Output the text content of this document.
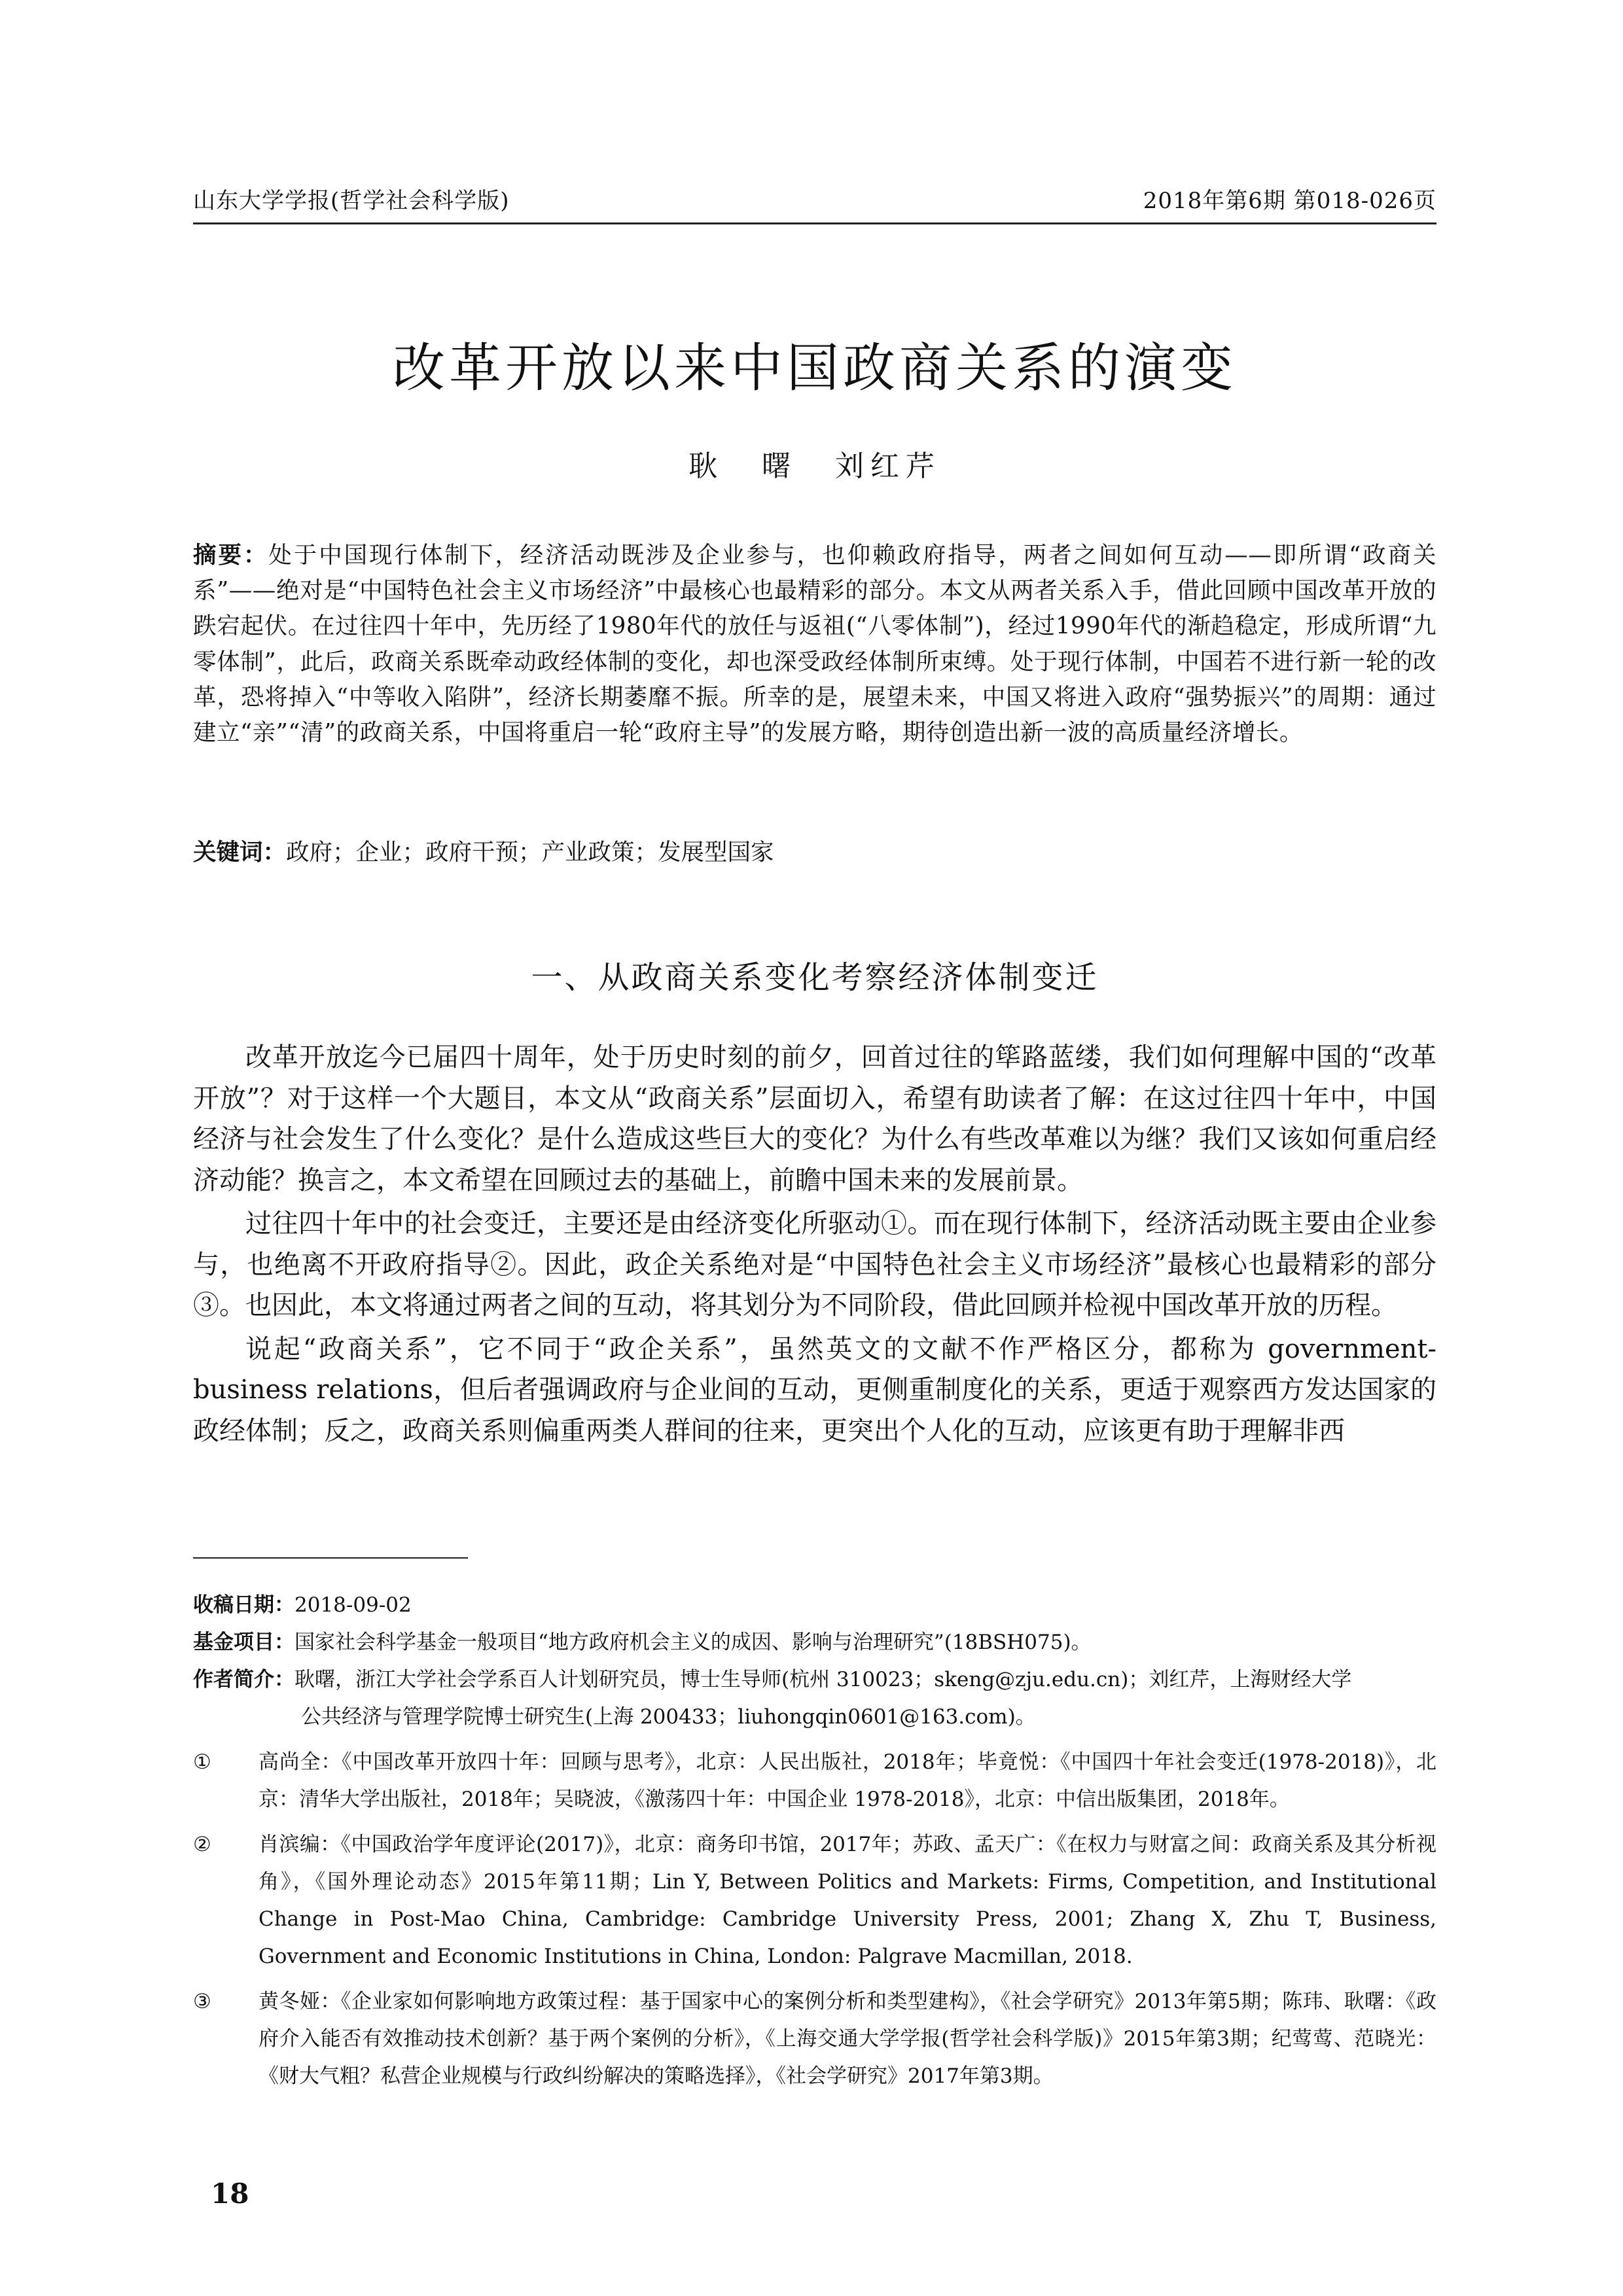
山东大学学报(哲学社会科学版)	2018年第6期 第018-026页
改革开放以来中国政商关系的演变
耿 曙 刘红芹
摘要：处于中国现行体制下，经济活动既涉及企业参与，也仰赖政府指导，两者之间如何互动——即所谓“政商关系”——绝对是“中国特色社会主义市场经济”中最核心也最精彩的部分。本文从两者关系入手，借此回顾中国改革开放的跌宕起伏。在过往四十年中，先历经了1980年代的放任与返祖(“八零体制”)，经过1990年代的渐趋稳定，形成所谓“九零体制”，此后，政商关系既牵动政经体制的变化，却也深受政经体制所束缚。处于现行体制，中国若不进行新一轮的改革，恐将掉入“中等收入陷阱”，经济长期萎靡不振。所幸的是，展望未来，中国又将进入政府“强势振兴”的周期：通过建立“亲”“清”的政商关系，中国将重启一轮“政府主导”的发展方略，期待创造出新一波的高质量经济增长。
关键词：政府；企业；政府干预；产业政策；发展型国家
一、从政商关系变化考察经济体制变迁

改革开放迄今已届四十周年，处于历史时刻的前夕，回首过往的筚路蓝缕，我们如何理解中国的“改革开放”？对于这样一个大题目，本文从“政商关系”层面切入，希望有助读者了解：在这过往四十年中，中国经济与社会发生了什么变化？是什么造成这些巨大的变化？为什么有些改革难以为继？我们又该如何重启经济动能？换言之，本文希望在回顾过去的基础上，前瞻中国未来的发展前景。

过往四十年中的社会变迁，主要还是由经济变化所驱动①。而在现行体制下，经济活动既主要由企业参与，也绝离不开政府指导②。因此，政企关系绝对是“中国特色社会主义市场经济”最核心也最精彩的部分③。也因此，本文将通过两者之间的互动，将其划分为不同阶段，借此回顾并检视中国改革开放的历程。

说起“政商关系”，它不同于“政企关系”，虽然英文的文献不作严格区分，都称为 government-business relations，但后者强调政府与企业间的互动，更侧重制度化的关系，更适于观察西方发达国家的政经体制；反之，政商关系则偏重两类人群间的往来，更突出个人化的互动，应该更有助于理解非西

收稿日期： 2018-09-02
基金项目： 国家社会科学基金一般项目“地方政府机会主义的成因、影响与治理研究”(18BSH075)。
作者简介： 耿曙，浙江大学社会学系百人计划研究员，博士生导师(杭州 310023；skeng@zju.edu.cn)；刘红芹，上海财经大学
公共经济与管理学院博士研究生(上海 200433；liuhongqin0601@163.com)。
①	高尚全：《中国改革开放四十年：回顾与思考》，北京：人民出版社，2018年；毕竟悦：《中国四十年社会变迁(1978-2018)》，北京：清华大学出版社，2018年；吴晓波，《激荡四十年：中国企业 1978-2018》，北京：中信出版集团，2018年。
②	肖滨编：《中国政治学年度评论(2017)》，北京：商务印书馆，2017年；苏政、孟天广：《在权力与财富之间：政商关系及其分析视角》，《国外理论动态》2015年第11期；Lin Y, Between Politics and Markets: Firms, Competition, and Institutional Change in Post-Mao China, Cambridge: Cambridge University Press, 2001; Zhang X, Zhu T, Business, Government and Economic Institutions in China, London: Palgrave Macmillan, 2018.
③	黄冬娅：《企业家如何影响地方政策过程：基于国家中心的案例分析和类型建构》，《社会学研究》2013年第5期；陈玮、耿曙：《政府介入能否有效推动技术创新？基于两个案例的分析》，《上海交通大学学报(哲学社会科学版)》2015年第3期；纪莺莺、范晓光：《财大气粗？私营企业规模与行政纠纷解决的策略选择》，《社会学研究》2017年第3期。
18
